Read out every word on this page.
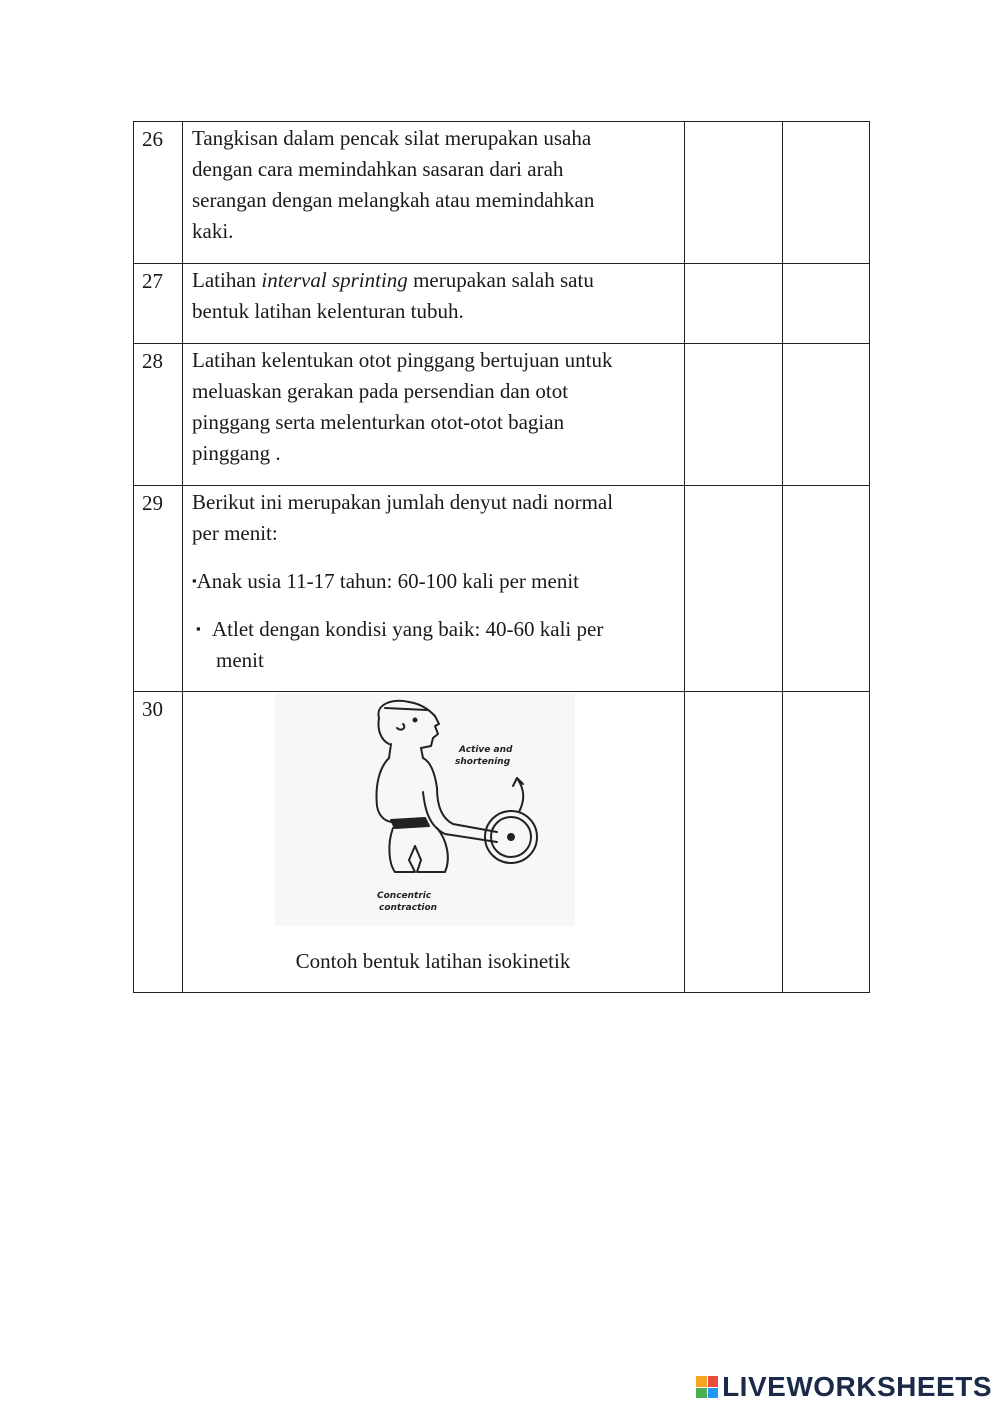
26	Tangkisan dalam pencak silat merupakan usaha

dengan cara memindahkan sasaran dari arah

serangan dengan melangkah atau memindahkan

kaki.		

27	Latihan interval sprinting merupakan salah satu

bentuk latihan kelenturan tubuh.		

28	Latihan kelentukan otot pinggang bertujuan untuk

meluaskan gerakan pada persendian dan otot

pinggang serta melenturkan otot-otot bagian

pinggang .		

29	Berikut ini merupakan jumlah denyut nadi normal

per menit:

▪Anak usia 11-17 tahun: 60-100 kali per menit

▪ Atlet dengan kondisi yang baik: 40-60 kali per
menit		

30	Active and
shortening
Concentric
contraction

Contoh bentuk latihan isokinetik		

LIVEWORKSHEETS
